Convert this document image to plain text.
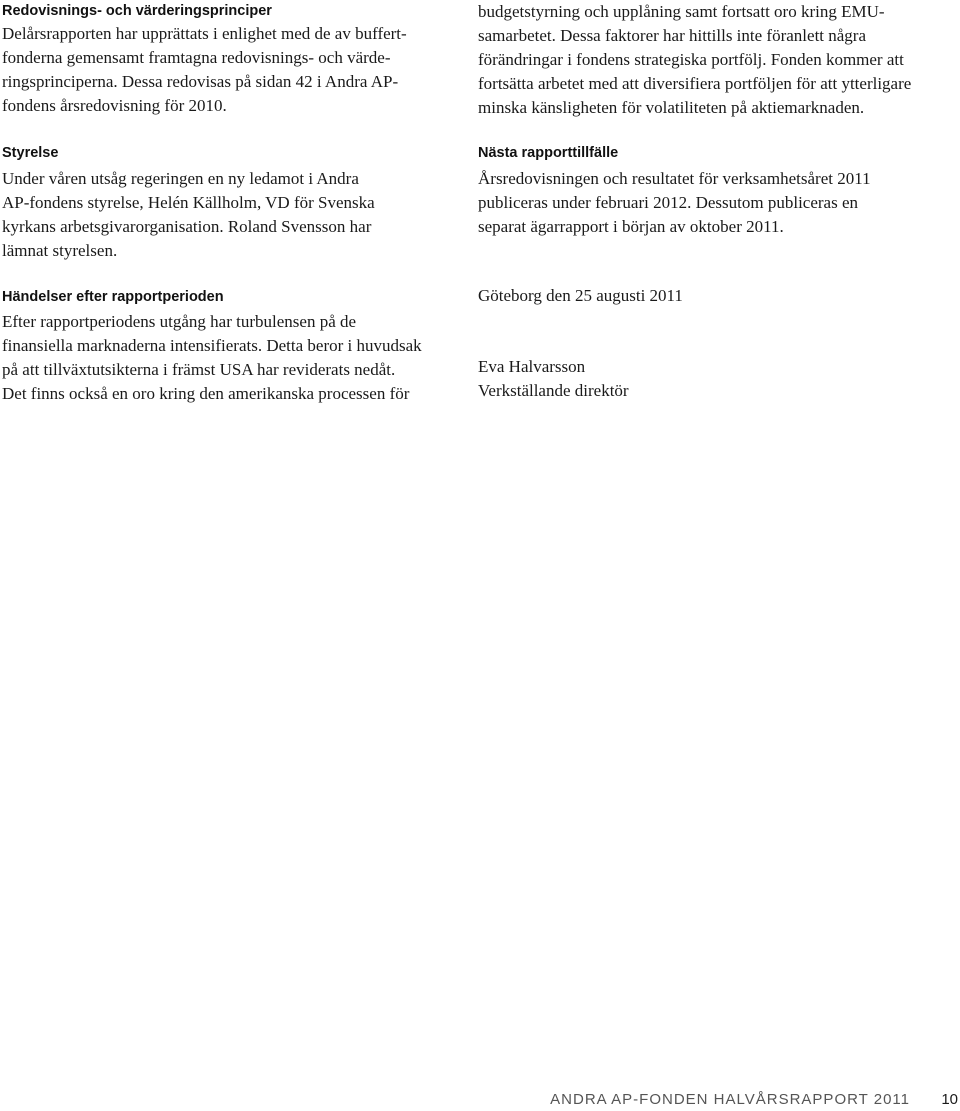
Redovisnings- och värderingsprinciper

Delårsrapporten har upprättats i enlighet med de av buffert-
fonderna gemensamt framtagna redovisnings- och värde-
ringsprinciperna. Dessa redovisas på sidan 42 i Andra AP-
fondens årsredovisning för 2010.

Styrelse

Under våren utsåg regeringen en ny ledamot i Andra
AP-fondens styrelse, Helén Källholm, VD för Svenska
kyrkans arbetsgivarorganisation. Roland Svensson har
lämnat styrelsen.

Händelser efter rapportperioden

Efter rapportperiodens utgång har turbulensen på de
finansiella marknaderna intensifierats. Detta beror i huvudsak
på att tillväxtutsikterna i främst USA har reviderats nedåt.
Det finns också en oro kring den amerikanska processen för

budgetstyrning och upplåning samt fortsatt oro kring EMU-
samarbetet. Dessa faktorer har hittills inte föranlett några
förändringar i fondens strategiska portfölj. Fonden kommer att
fortsätta arbetet med att diversifiera portföljen för att ytterligare
minska känsligheten för volatiliteten på aktiemarknaden.

Nästa rapporttillfälle

Årsredovisningen och resultatet för verksamhetsåret 2011
publiceras under februari 2012. Dessutom publiceras en
separat ägarrapport i början av oktober 2011.

Göteborg den 25 augusti 2011

Eva Halvarsson

Verkställande direktör

ANDRA AP-FONDEN HALVÅRSRAPPORT 2011 10
